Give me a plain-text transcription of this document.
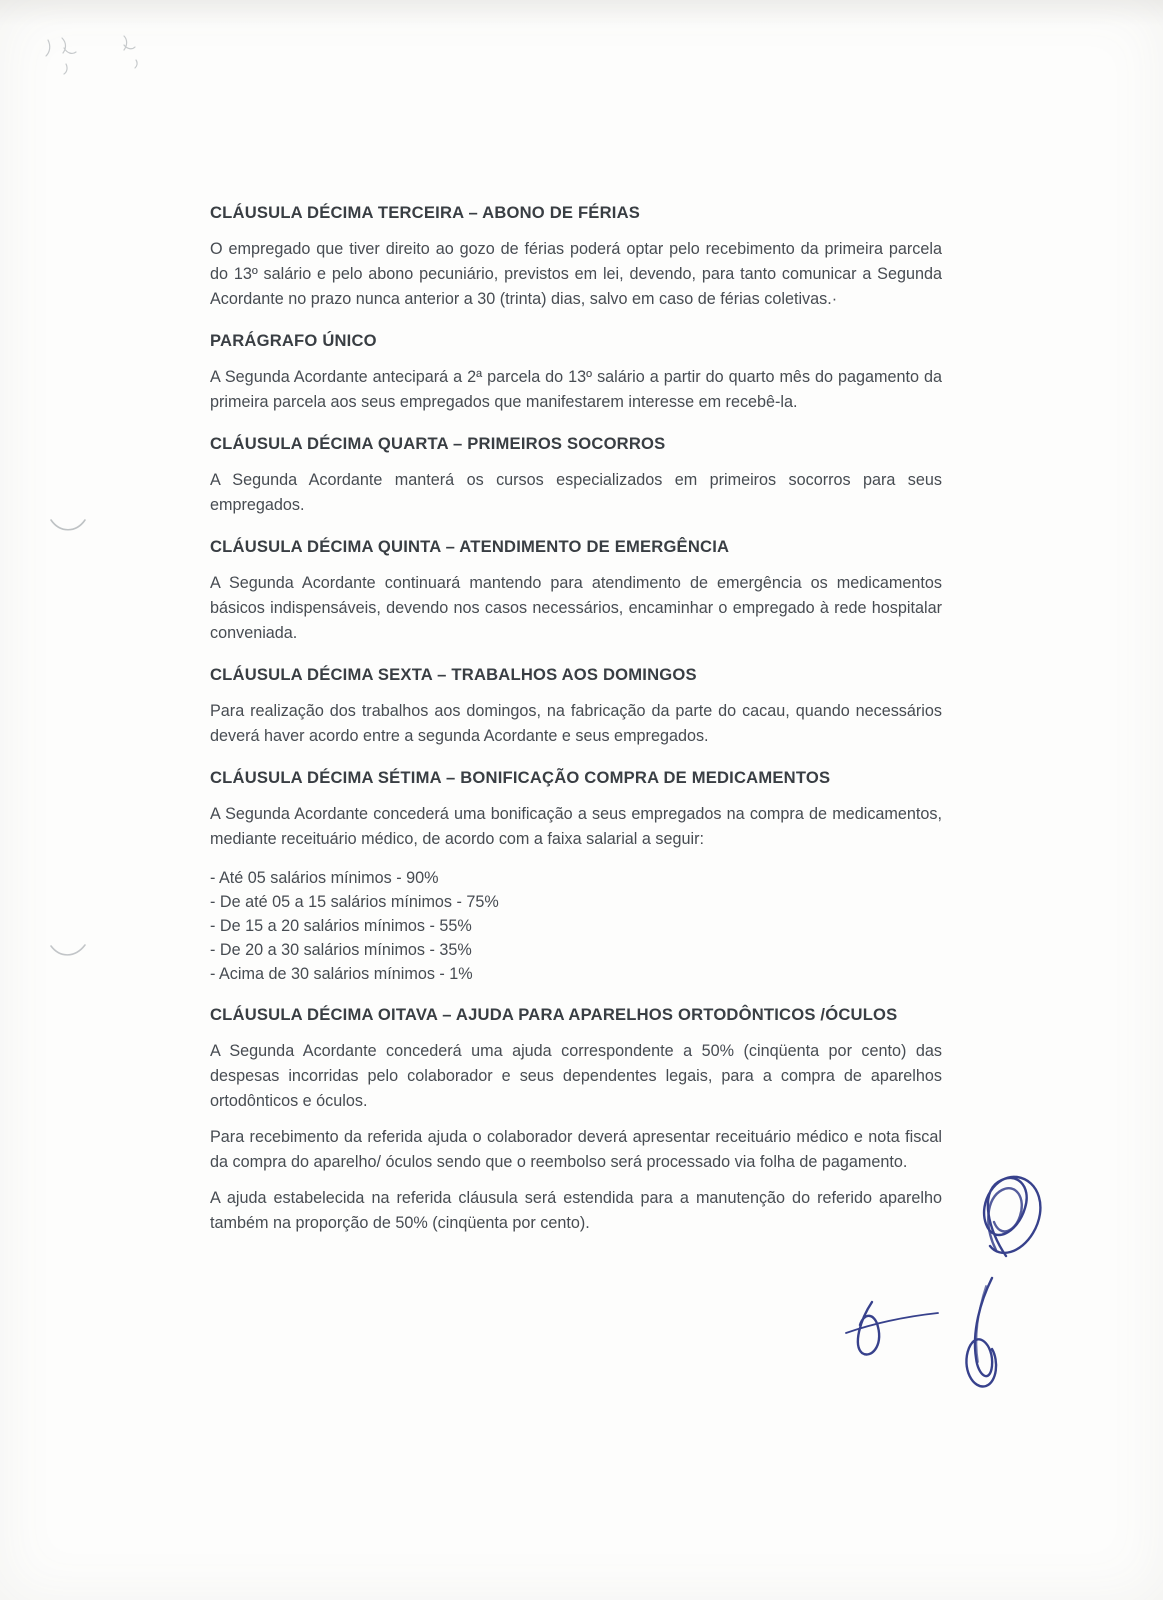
CLÁUSULA DÉCIMA TERCEIRA – ABONO DE FÉRIAS

O empregado que tiver direito ao gozo de férias poderá optar pelo recebimento da primeira parcela do 13º salário e pelo abono pecuniário, previstos em lei, devendo, para tanto comunicar a Segunda Acordante no prazo nunca anterior a 30 (trinta) dias, salvo em caso de férias coletivas.·

PARÁGRAFO ÚNICO

A Segunda Acordante antecipará a 2ª parcela do 13º salário a partir do quarto mês do pagamento da primeira parcela aos seus empregados que manifestarem interesse em recebê-la.

CLÁUSULA DÉCIMA QUARTA – PRIMEIROS SOCORROS

A Segunda Acordante manterá os cursos especializados em primeiros socorros para seus empregados.

CLÁUSULA DÉCIMA QUINTA – ATENDIMENTO DE EMERGÊNCIA

A Segunda Acordante continuará mantendo para atendimento de emergência os medicamentos básicos indispensáveis, devendo nos casos necessários, encaminhar o empregado à rede hospitalar conveniada.

CLÁUSULA DÉCIMA SEXTA – TRABALHOS AOS DOMINGOS

Para realização dos trabalhos aos domingos, na fabricação da parte do cacau, quando necessários deverá haver acordo entre a segunda Acordante e seus empregados.

CLÁUSULA DÉCIMA SÉTIMA – BONIFICAÇÃO COMPRA DE MEDICAMENTOS

A Segunda Acordante concederá uma bonificação a seus empregados na compra de medicamentos, mediante receituário médico, de acordo com a faixa salarial a seguir:

- Até 05 salários mínimos - 90%
- De até 05 a 15 salários mínimos - 75%
- De 15 a 20 salários mínimos - 55%
- De 20 a 30 salários mínimos - 35%
- Acima de 30 salários mínimos - 1%
CLÁUSULA DÉCIMA OITAVA – AJUDA PARA APARELHOS ORTODÔNTICOS /ÓCULOS

A Segunda Acordante concederá uma ajuda correspondente a 50% (cinqüenta por cento) das despesas incorridas pelo colaborador e seus dependentes legais, para a compra de aparelhos ortodônticos e óculos.

Para recebimento da referida ajuda o colaborador deverá apresentar receituário médico e nota fiscal da compra do aparelho/ óculos sendo que o reembolso será processado via folha de pagamento.

A ajuda estabelecida na referida cláusula será estendida para a manutenção do referido aparelho também na proporção de 50% (cinqüenta por cento).
